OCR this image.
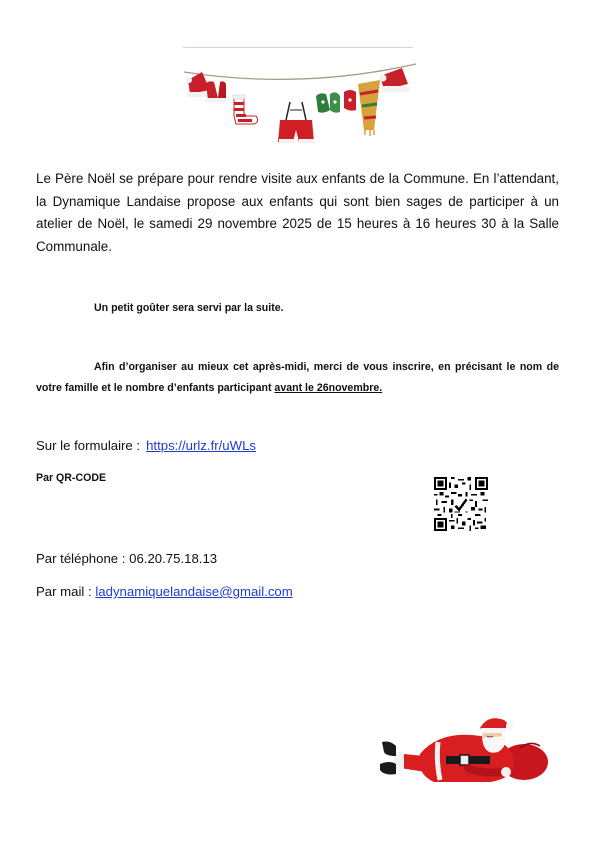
Le Père Noël se prépare pour rendre visite aux enfants de la Commune. En l’attendant, la Dynamique Landaise propose aux enfants qui sont bien sages de participer à un atelier de Noël, le samedi 29 novembre 2025 de 15 heures à 16 heures 30 à la Salle Communale.
Un petit goûter sera servi par la suite.
Afin d’organiser au mieux cet après-midi, merci de vous inscrire, en précisant le nom de votre famille et le nombre d’enfants participant avant le 26novembre.
Sur le formulaire : https://urlz.fr/uWLs
Par QR-CODE
Par téléphone : 06.20.75.18.13
Par mail : ladynamiquelandaise@gmail.com
